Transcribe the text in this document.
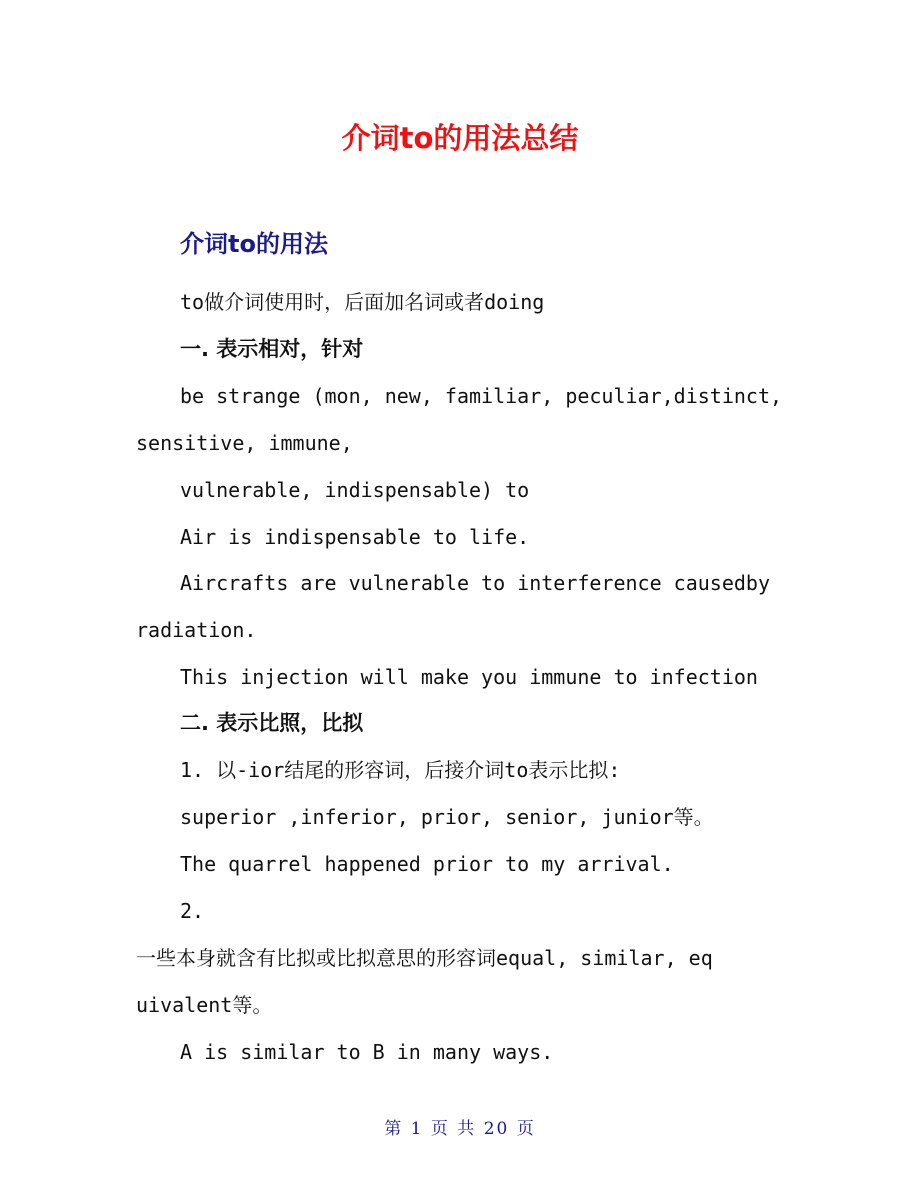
介词to的用法总结
介词to的用法
to做介词使用时，后面加名词或者doing
一. 表示相对，针对
be strange (mon, new, familiar, peculiar,distinct,
sensitive, immune,
vulnerable, indispensable) to
Air is indispensable to life.
Aircrafts are vulnerable to interference causedby
radiation.
This injection will make you immune to infection
二. 表示比照，比拟
1. 以-ior结尾的形容词，后接介词to表示比拟:
superior ,inferior, prior, senior, junior等。
The quarrel happened prior to my arrival.
2.
一些本身就含有比拟或比拟意思的形容词equal, similar, eq
uivalent等。
A is similar to B in many ways.
第 1 页 共 20 页
